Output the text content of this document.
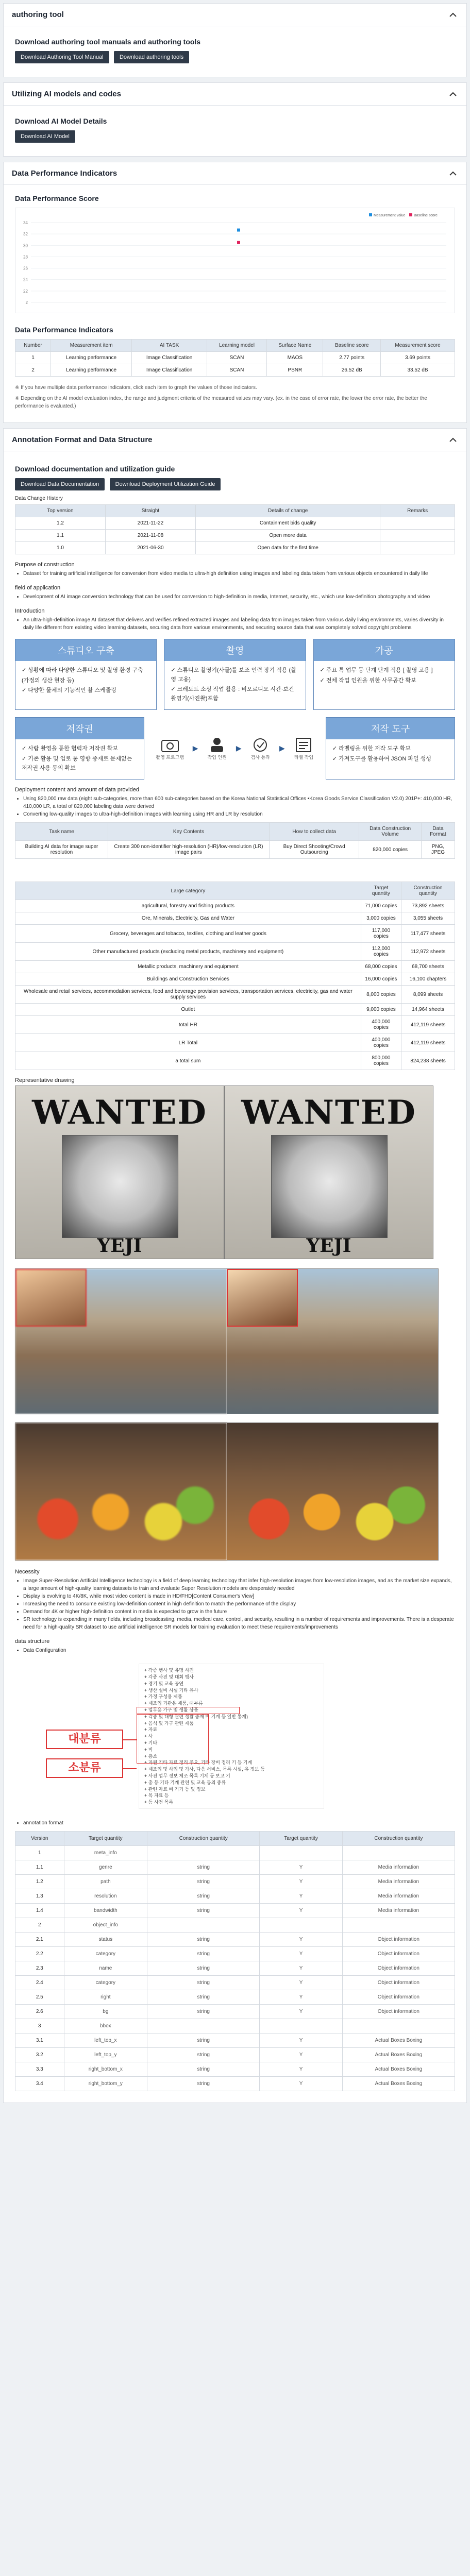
authoring tool
Download authoring tool manuals and authoring tools
Download Authoring Tool Manual	Download authoring tools
Utilizing AI models and codes
Download AI Model Details
Download AI Model
Data Performance Indicators
Data Performance Score
34
32
30
28
26
24
22
2
Measurement value Baseline score
Data Performance Indicators
Number	Measurement item	AI TASK	Learning model	Surface Name	Baseline score	Measurement score
1	Learning performance	Image Classification	SCAN	MAOS	2.77 points	3.69 points
2	Learning performance	Image Classification	SCAN	PSNR	26.52 dB	33.52 dB
※ If you have multiple data performance indicators, click each item to graph the values of those indicators.
※ Depending on the AI model evaluation index, the range and judgment criteria of the measured values may vary. (ex. in the case of error rate, the lower the error rate, the better the performance is evaluated.)
Annotation Format and Data Structure
Download documentation and utilization guide
Download Data Documentation	Download Deployment Utilization Guide
Data Change History
Top version	Straight	Details of change	Remarks
1.2	2021-11-22	Containment bids quality	
1.1	2021-11-08	Open more data	
1.0	2021-06-30	Open data for the first time	
Purpose of construction
• Dataset for training artificial intelligence for conversion from video media to ultra-high definition using images and labeling data taken from various objects encountered in daily life
field of application
• Development of AI image conversion technology that can be used for conversion to high-definition in media, Internet, security, etc., which use low-definition photography and video
Introduction
• An ultra-high-definition image AI dataset that delivers and verifies refined extracted images and labeling data from images taken from various daily living environments, varies diversity in daily life different from existing video learning datasets, securing data from various environments, and securing source data that was completely solved copyright problems
스튜디오 구축
✓ 상황에 따라 다양한 스튜디오 및 촬영 환경 구축
(가정의 생산 현장 등)
✓ 다양한 물체의 기능적인 촬 스케줄링
촬영
✓ 스튜디오 촬영기(사물)를 보조 인력 장기 적용 (촬영 고용)
✓ 크레도트 소싱 작업 활용 : 비오르디오 시간·보건 촬영기(사진촬)포함
가공
✓ 주요 특 업무 등 단계 단계 적용 [ 촬영 고용 ]
✓ 전체 작업 인원을 위한 사무공간 확보
저작권
✓ 사람 촬영을 통한 협력자 저작권 확보
✓ 기존 활용 및 업로 통 영향 중재로 문제없는 저작권 사용 동의 확보
촬영 프로그램
▶
작업 인원
▶
검사 통과
▶
라벨 작업
저작 도구
✓ 라벨링을 위한 저작 도구 확보
✓ 가져도구를 활용하여 JSON 파일 생성
Deployment content and amount of data provided
• Using 820,000 raw data (eight sub-categories, more than 600 sub-categories based on the Korea National Statistical Offices •Korea Goods Service Classification V2.0) 201P+: 410,000 HR, 410,000 LR, a total of 820,000 labeling data were derived
• Converting low-quality images to ultra-high-definition images with learning using HR and LR by resolution
Task name	Key Contents	How to collect data	Data Construction Volume	Data Format
Building AI data for image super resolution	Create 300 non-identifier high-resolution (HR)/low-resolution (LR) image pairs	Buy Direct Shooting/Crowd Outsourcing	820,000 copies	PNG, JPEG
Large category	Target quantity	Construction quantity
agricultural, forestry and fishing products	71,000 copies	73,892 sheets
Ore, Minerals, Electricity, Gas and Water	3,000 copies	3,055 sheets
Grocery, beverages and tobacco, textiles, clothing and leather goods	117,000 copies	117,477 sheets
Other manufactured products (excluding metal products, machinery and equipment)	112,000 copies	112,972 sheets
Metallic products, machinery and equipment	68,000 copies	68,700 sheets
Buildings and Construction Services	16,000 copies	16,100 chapters
Wholesale and retail services, accommodation services, food and beverage provision services, transportation services, electricity, gas and water supply services	8,000 copies	8,099 sheets
Outlet	9,000 copies	14,964 sheets
total HR	400,000 copies	412,119 sheets
LR Total	400,000 copies	412,119 sheets
a total sum	800,000 copies	824,238 sheets
Representative drawing
WANTED
YEJI
WANTED
YEJI
Necessity
• Image Super-Resolution Artificial Intelligence technology is a field of deep learning technology that infer high-resolution images from low-resolution images, and as the market size expands, a large amount of high-quality learning datasets to train and evaluate Super Resolution models are desperately needed
• Display is evolving to 4K/8K, while most video content is made in HD/FHD[Content Consumer's View]
• Increasing the need to consume existing low-definition content in high definition to match the performance of the display
• Demand for 4K or higher high-definition content in media is expected to grow in the future
• SR technology is expanding in many fields, including broadcasting, media, medical care, control, and security, resulting in a number of requirements and improvements. There is a desperate need for a high-quality SR dataset to use artificial intelligence SR models for training evaluation to meet these requirements/improvements
data structure
• Data Configuration
+ 각종 행사 및 유명 사진
+ 각종 사진 및 대회 행사
+ 경기 및 교육 공연
+ 생산 설비 시설 기타 유사
+ 가정 구성용 제품
+ 제조업 기관용 제품, 대부류
+ 업무용 가구 및 생활 상품
+ 각종 및 대형 관련 생활 중재 비 기계 등 일반 통계)
+ 음식 및 가구 관련 제품
+ 자료
+ 사
+ 기타
+ 비
+ 총소
+ 자원 기타 자료 정리 주요, 기타 장비 정리 기 등 기계
+ 제조업 및 사업 및 가사, 다음 서비스, 목록 시설, 유 정보 등
+ 사진 업무 정보 제조 목록 기계 등 보고 기
+ 총 등 기타 기계 관련 및 교육 등의 종류
+ 관련 자료 비 기기 등 및 정보
+ 목 자료 등
+ 등 사전 목록
대분류
소분류
• annotation format
Version	Target quantity	Construction quantity	Target quantity	Construction quantity
1	meta_info			
1.1	genre	string	Y	Media information
1.2	path	string	Y	Media information
1.3	resolution	string	Y	Media information
1.4	bandwidth	string	Y	Media information
2	object_info			
2.1	status	string	Y	Object information
2.2	category	string	Y	Object information
2.3	name	string	Y	Object information
2.4	category	string	Y	Object information
2.5	right	string	Y	Object information
2.6	bg	string	Y	Object information
3	bbox			
3.1	left_top_x	string	Y	Actual Boxes Boxing
3.2	left_top_y	string	Y	Actual Boxes Boxing
3.3	right_bottom_x	string	Y	Actual Boxes Boxing
3.4	right_bottom_y	string	Y	Actual Boxes Boxing
